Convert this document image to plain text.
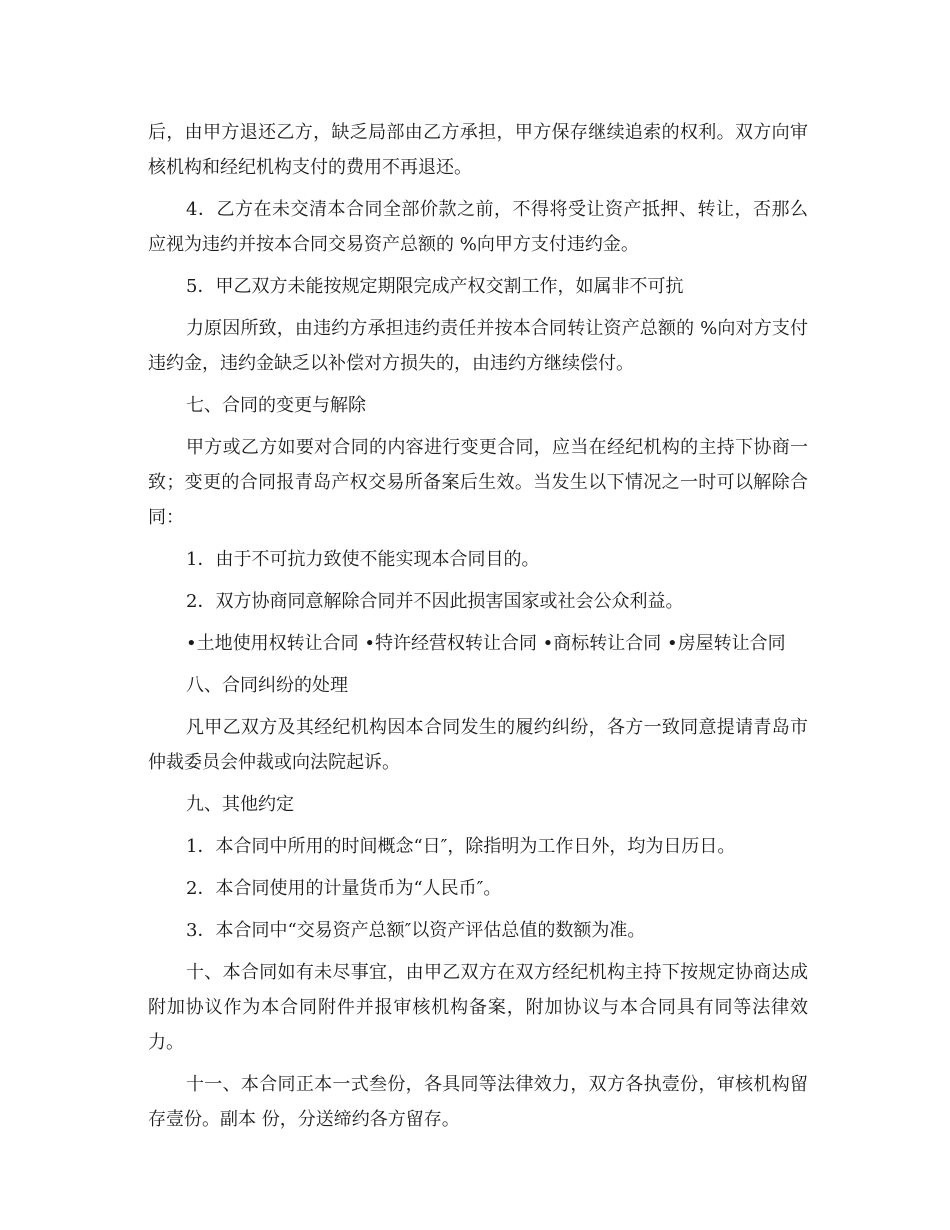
后，由甲方退还乙方，缺乏局部由乙方承担，甲方保存继续追索的权利。双方向审核机构和经纪机构支付的费用不再退还。

4．乙方在未交清本合同全部价款之前，不得将受让资产抵押、转让，否那么应视为违约并按本合同交易资产总额的 %向甲方支付违约金。

5．甲乙双方未能按规定期限完成产权交割工作，如属非不可抗

力原因所致，由违约方承担违约责任并按本合同转让资产总额的 %向对方支付违约金，违约金缺乏以补偿对方损失的，由违约方继续偿付。

七、合同的变更与解除

甲方或乙方如要对合同的内容进行变更合同，应当在经纪机构的主持下协商一致；变更的合同报青岛产权交易所备案后生效。当发生以下情况之一时可以解除合同：

1．由于不可抗力致使不能实现本合同目的。

2．双方协商同意解除合同并不因此损害国家或社会公众利益。

•土地使用权转让合同 •特许经营权转让合同 •商标转让合同 •房屋转让合同

八、合同纠纷的处理

凡甲乙双方及其经纪机构因本合同发生的履约纠纷，各方一致同意提请青岛市仲裁委员会仲裁或向法院起诉。

九、其他约定

1．本合同中所用的时间概念“日″，除指明为工作日外，均为日历日。

2．本合同使用的计量货币为“人民币″。

3．本合同中“交易资产总额″以资产评估总值的数额为准。

十、本合同如有未尽事宜，由甲乙双方在双方经纪机构主持下按规定协商达成附加协议作为本合同附件并报审核机构备案，附加协议与本合同具有同等法律效力。

十一、本合同正本一式叁份，各具同等法律效力，双方各执壹份，审核机构留存壹份。副本 份，分送缔约各方留存。
